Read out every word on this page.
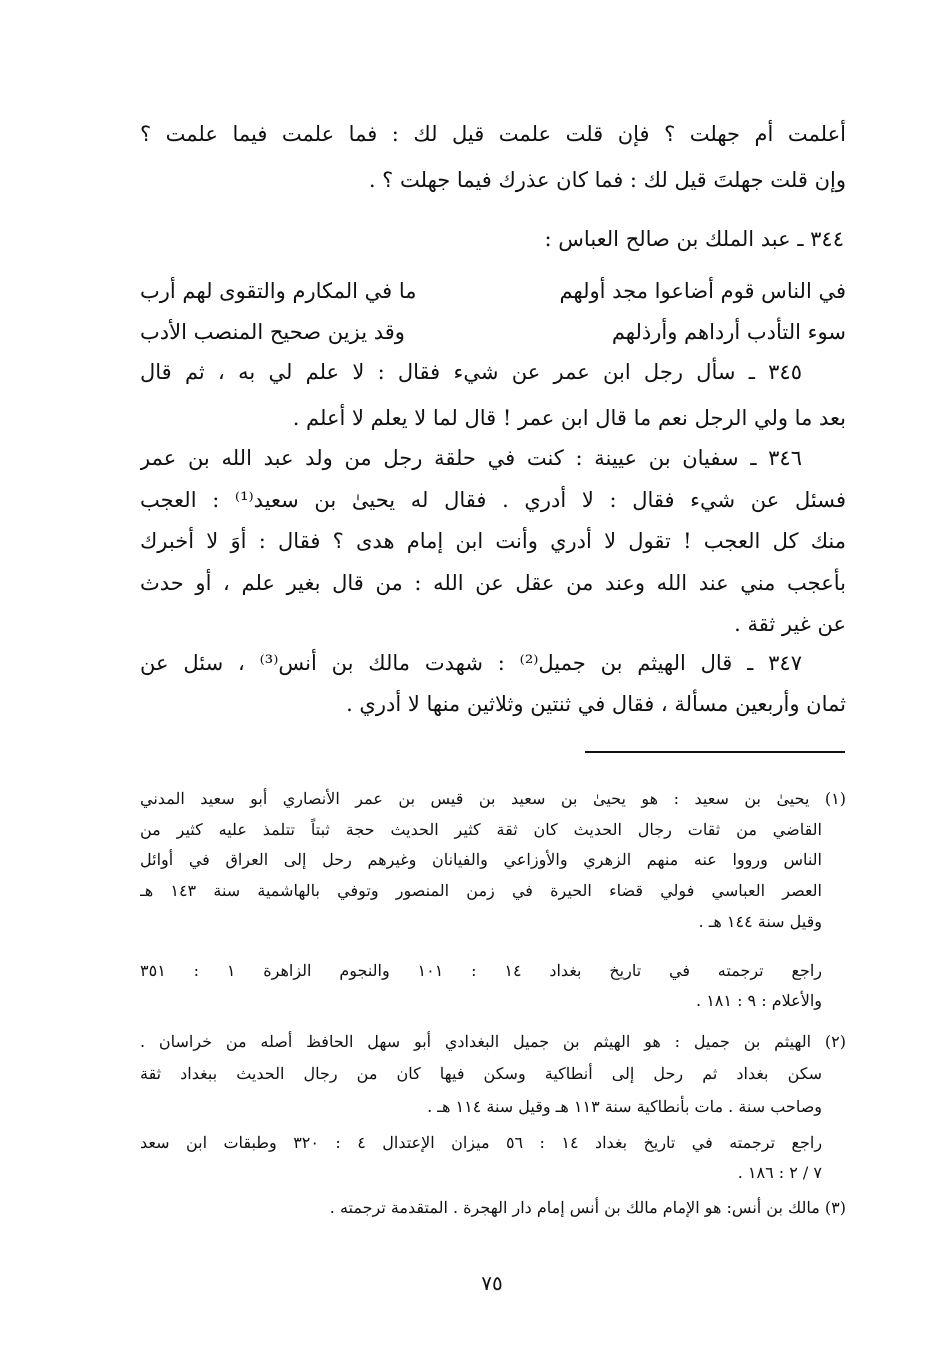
أعلمت أم جهلت ؟ فإن قلت علمت قيل لك : فما علمت فيما علمت ؟
وإن قلت جهلتَ قيل لك : فما كان عذرك فيما جهلت ؟ .
٣٤٤ ـ عبد الملك بن صالح العباس :
في الناس قوم أضاعوا مجد أولهم
ما في المكارم والتقوى لهم أرب
سوء التأدب أرداهم وأرذلهم
وقد يزين صحيح المنصب الأدب
٣٤٥ ـ سأل رجل ابن عمر عن شيء فقال : لا علم لي به ، ثم قال
بعد ما ولي الرجل نعم ما قال ابن عمر ! قال لما لا يعلم لا أعلم .
٣٤٦ ـ سفيان بن عيينة : كنت في حلقة رجل من ولد عبد الله بن عمر
فسئل عن شيء فقال : لا أدري . فقال له يحيىٰ بن سعيد⁽¹⁾ : العجب
منك كل العجب ! تقول لا أدري وأنت ابن إمام هدى ؟ فقال : أوَ لا أخبرك
بأعجب مني عند الله وعند من عقل عن الله : من قال بغير علم ، أو حدث
عن غير ثقة .
٣٤٧ ـ قال الهيثم بن جميل⁽²⁾ : شهدت مالك بن أنس⁽³⁾ ، سئل عن
ثمان وأربعين مسألة ، فقال في ثنتين وثلاثين منها لا أدري .
(١) يحيىٰ بن سعيد : هو يحيىٰ بن سعيد بن قيس بن عمر الأنصاري أبو سعيد المدني
القاضي من ثقات رجال الحديث كان ثقة كثير الحديث حجة ثبتاً تتلمذ عليه كثير من
الناس ورووا عنه منهم الزهري والأوزاعي والفيانان وغيرهم رحل إلى العراق في أوائل
العصر العباسي فولي قضاء الحيرة في زمن المنصور وتوفي بالهاشمية سنة ١٤٣ هـ
وقيل سنة ١٤٤ هـ .
راجع ترجمته في تاريخ بغداد ١٤ : ١٠١ والنجوم الزاهرة ١ : ٣٥١
والأعلام : ٩ : ١٨١ .
(٢) الهيثم بن جميل : هو الهيثم بن جميل البغدادي أبو سهل الحافظ أصله من خراسان .
سكن بغداد ثم رحل إلى أنطاكية وسكن فيها كان من رجال الحديث ببغداد ثقة
وصاحب سنة . مات بأنطاكية سنة ١١٣ هـ وقيل سنة ١١٤ هـ .
راجع ترجمته في تاريخ بغداد ١٤ : ٥٦ ميزان الإعتدال ٤ : ٣٢٠ وطبقات ابن سعد
٧ / ٢ : ١٨٦ .
(٣) مالك بن أنس: هو الإمام مالك بن أنس إمام دار الهجرة . المتقدمة ترجمته .
٧٥
